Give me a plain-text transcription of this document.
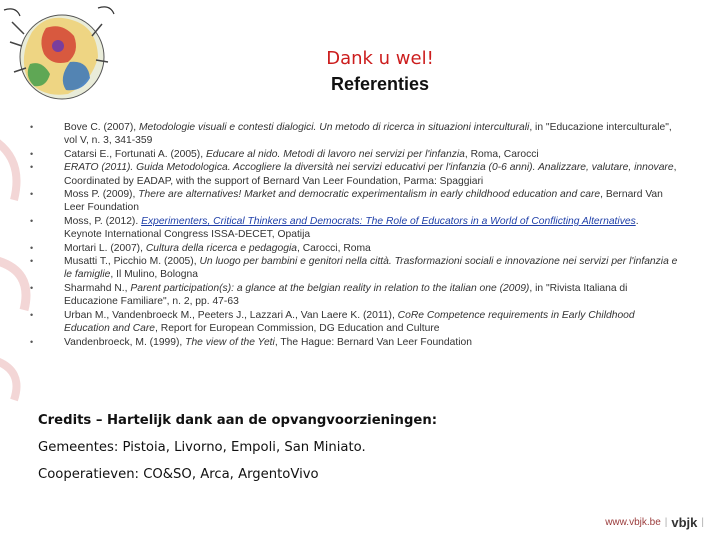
Dank u wel!
Referenties
•	Bove C. (2007), Metodologie visuali e contesti dialogici. Un metodo di ricerca in situazioni interculturali, in "Educazione interculturale", vol V, n. 3, 341-359
•	Catarsi E., Fortunati A. (2005), Educare al nido. Metodi di lavoro nei servizi per l'infanzia, Roma, Carocci
•	ERATO (2011). Guida Metodologica. Accogliere la diversità nei servizi educativi per l'infanzia (0-6 anni). Analizzare, valutare, innovare, Coordinated by EADAP, with the support of Bernard Van Leer Foundation, Parma: Spaggiari
•	Moss P. (2009), There are alternatives! Market and democratic experimentalism in early childhood education and care, Bernard Van Leer Foundation
•	Moss, P. (2012). Experimenters, Critical Thinkers and Democrats: The Role of Educators in a World of Conflicting Alternatives. Keynote International Congress ISSA-DECET, Opatija
•	Mortari L. (2007), Cultura della ricerca e pedagogia, Carocci, Roma
•	Musatti T., Picchio M. (2005), Un luogo per bambini e genitori nella città. Trasformazioni sociali e innovazione nei servizi per l'infanzia e le famiglie, Il Mulino, Bologna
•	Sharmahd N., Parent participation(s): a glance at the belgian reality in relation to the italian one (2009), in "Rivista Italiana di Educazione Familiare", n. 2, pp. 47-63
•	Urban M., Vandenbroeck M., Peeters J., Lazzari A., Van Laere K. (2011), CoRe Competence requirements in Early Childhood Education and Care, Report for European Commission, DG Education and Culture
•	Vandenbroeck, M. (1999), The view of the Yeti, The Hague: Bernard Van Leer Foundation

Credits – Hartelijk dank aan de opvangvoorzieningen:

Gemeentes: Pistoia, Livorno, Empoli, San Miniato.

Cooperatieven: CO&SO, Arca, ArgentoVivo

www.vbjk.be | vbjk |
